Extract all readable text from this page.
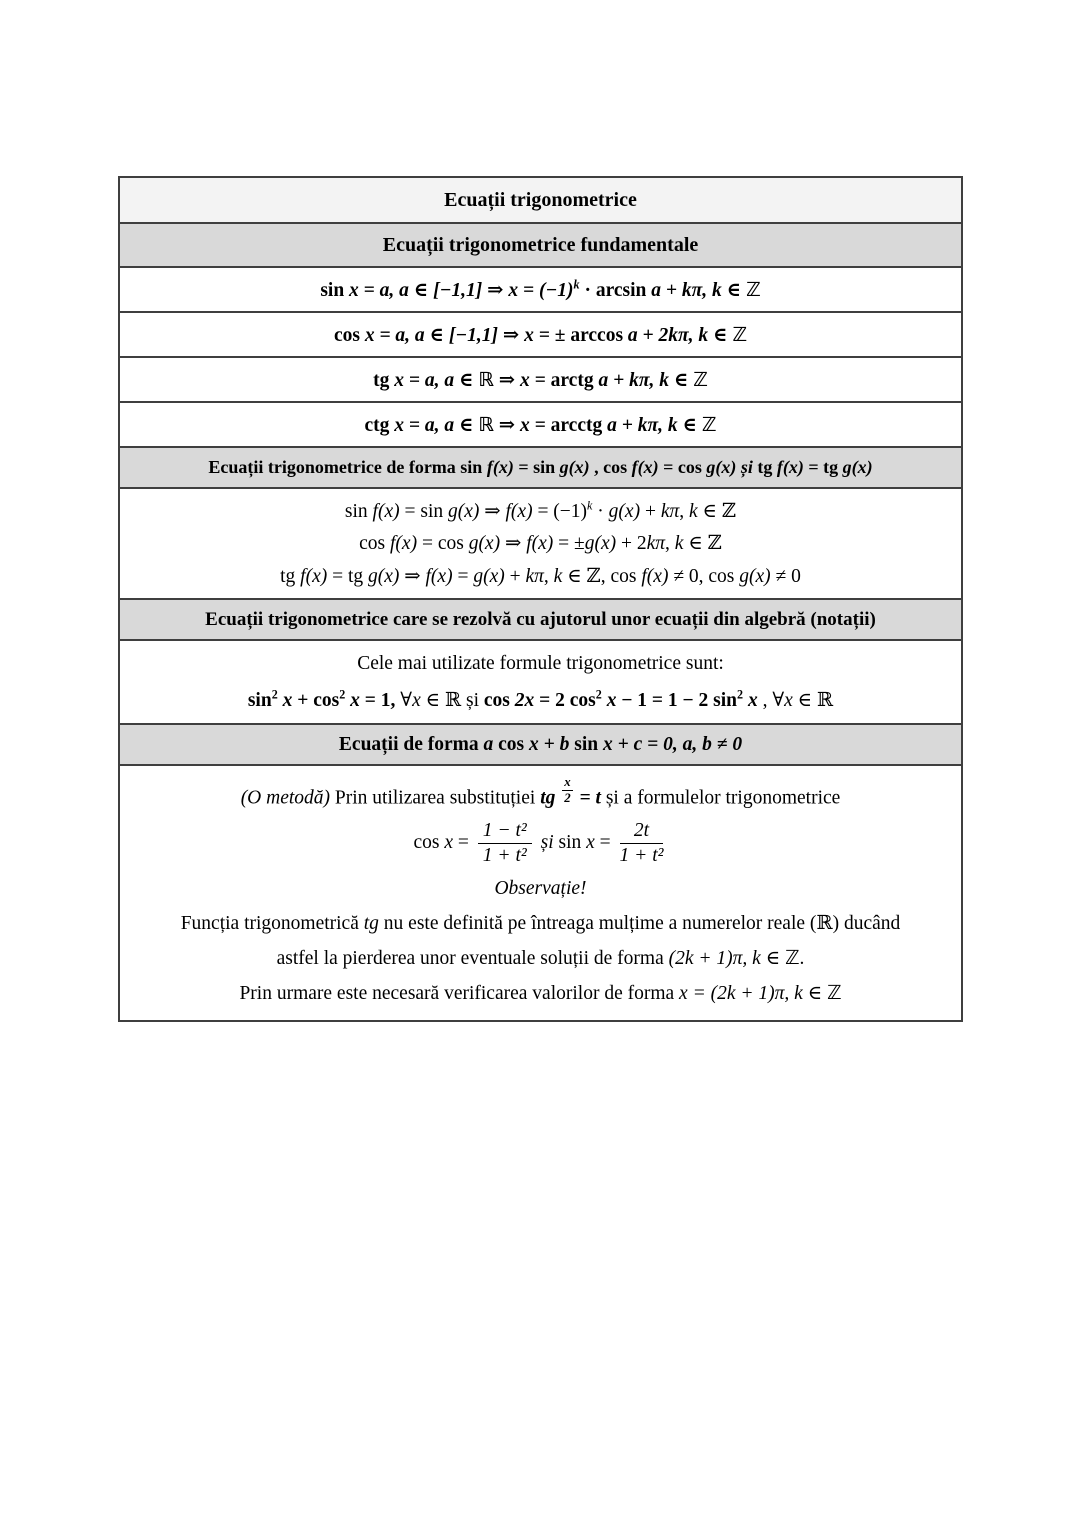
Ecuații trigonometrice
Ecuații trigonometrice fundamentale
sin x = a, a ∈ [−1,1] ⇒ $x = (-1)^k \cdot \arcsin a + k\pi$, k ∈ ℤ
cos x = a, a ∈ [−1,1] ⇒ x = ± arccos a + 2kπ, k ∈ ℤ
tg x = a, a ∈ ℝ ⇒ x = arctg a + kπ, k ∈ ℤ
ctg x = a, a ∈ ℝ ⇒ x = arcctg a + kπ, k ∈ ℤ
Ecuații trigonometrice de forma sin f(x) = sin g(x) , cos f(x) = cos g(x) și tg f(x) = tg g(x)
sin f(x) = sin g(x) ⇒ $f(x) = (-1)^k \cdot g(x) + k\pi$, k ∈ ℤ
cos f(x) = cos g(x) ⇒ f(x) = ±g(x) + 2kπ, k ∈ ℤ
tg f(x) = tg g(x) ⇒ f(x) = g(x) + kπ, k ∈ ℤ, cos f(x) ≠ 0, cos g(x) ≠ 0
Ecuații trigonometrice care se rezolvă cu ajutorul unor ecuații din algebră (notații)
Cele mai utilizate formule trigonometrice sunt:
$\sin^2 x + \cos^2 x = 1$, ∀x ∈ ℝ și cos 2x = 2 $\cos^2 x - 1 = 1 - 2$ $\sin^2 x$ , ∀x ∈ ℝ
Ecuații de forma a cos x + b sin x + c = 0, a, b ≠ 0
(O metodă) Prin utilizarea substituției tg $\frac{x}{2} = t$ și a formulelor trigonometrice
$\cos x = \frac{\text{1 − t²}}{\text{1 + t²}}$ și $\sin x = \frac{2t}{\text{1 + t²}}$
Observație!
Funcția trigonometrică tg nu este definită pe întreaga mulțime a numerelor reale (ℝ) ducând
astfel la pierderea unor eventuale soluții de forma (2k + 1)π, k ∈ ℤ.
Prin urmare este necesară verificarea valorilor de forma x = (2k + 1)π, k ∈ ℤ
